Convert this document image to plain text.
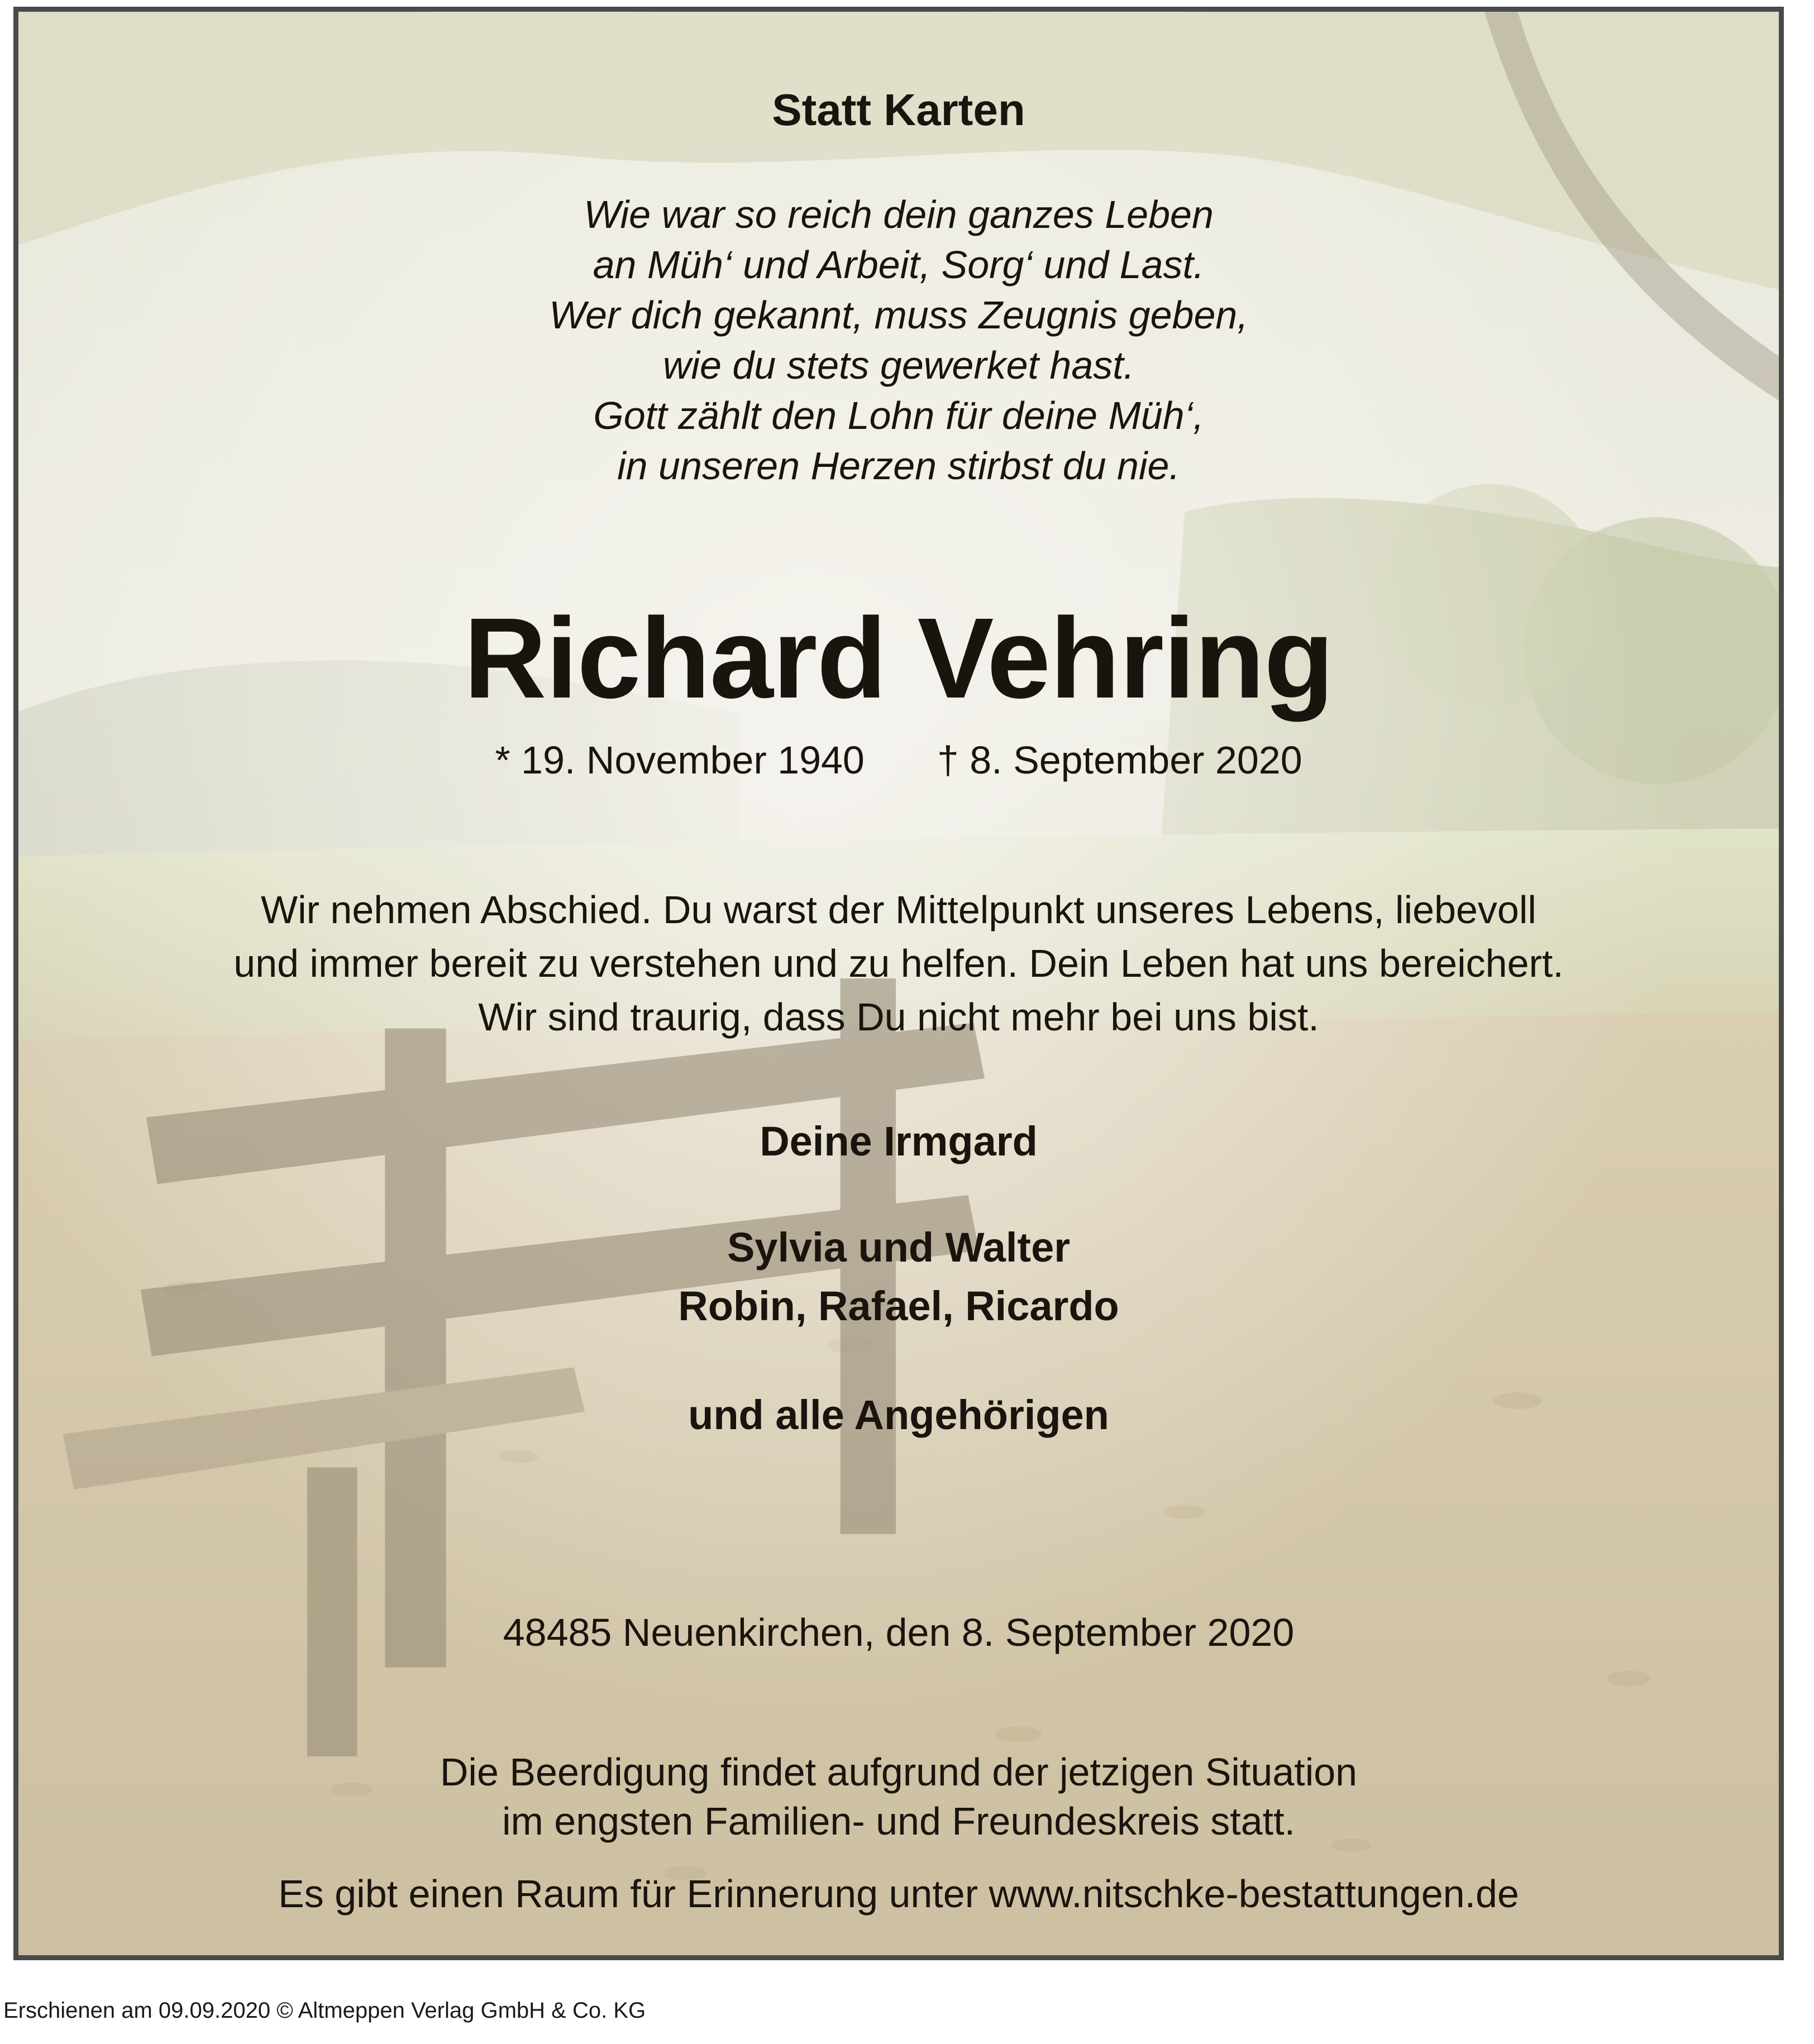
Statt Karten
Wie war so reich dein ganzes Leben
an Müh‘ und Arbeit, Sorg‘ und Last.
Wer dich gekannt, muss Zeugnis geben,
wie du stets gewerket hast.
Gott zählt den Lohn für deine Müh‘,
in unseren Herzen stirbst du nie.
Richard Vehring
* 19. November 1940 † 8. September 2020
Wir nehmen Abschied. Du warst der Mittelpunkt unseres Lebens, liebevoll
und immer bereit zu verstehen und zu helfen. Dein Leben hat uns bereichert.
Wir sind traurig, dass Du nicht mehr bei uns bist.
Deine Irmgard
Sylvia und Walter
Robin, Rafael, Ricardo
und alle Angehörigen
48485 Neuenkirchen, den 8. September 2020
Die Beerdigung findet aufgrund der jetzigen Situation
im engsten Familien- und Freundeskreis statt.
Es gibt einen Raum für Erinnerung unter www.nitschke-bestattungen.de
Erschienen am 09.09.2020 © Altmeppen Verlag GmbH & Co. KG
